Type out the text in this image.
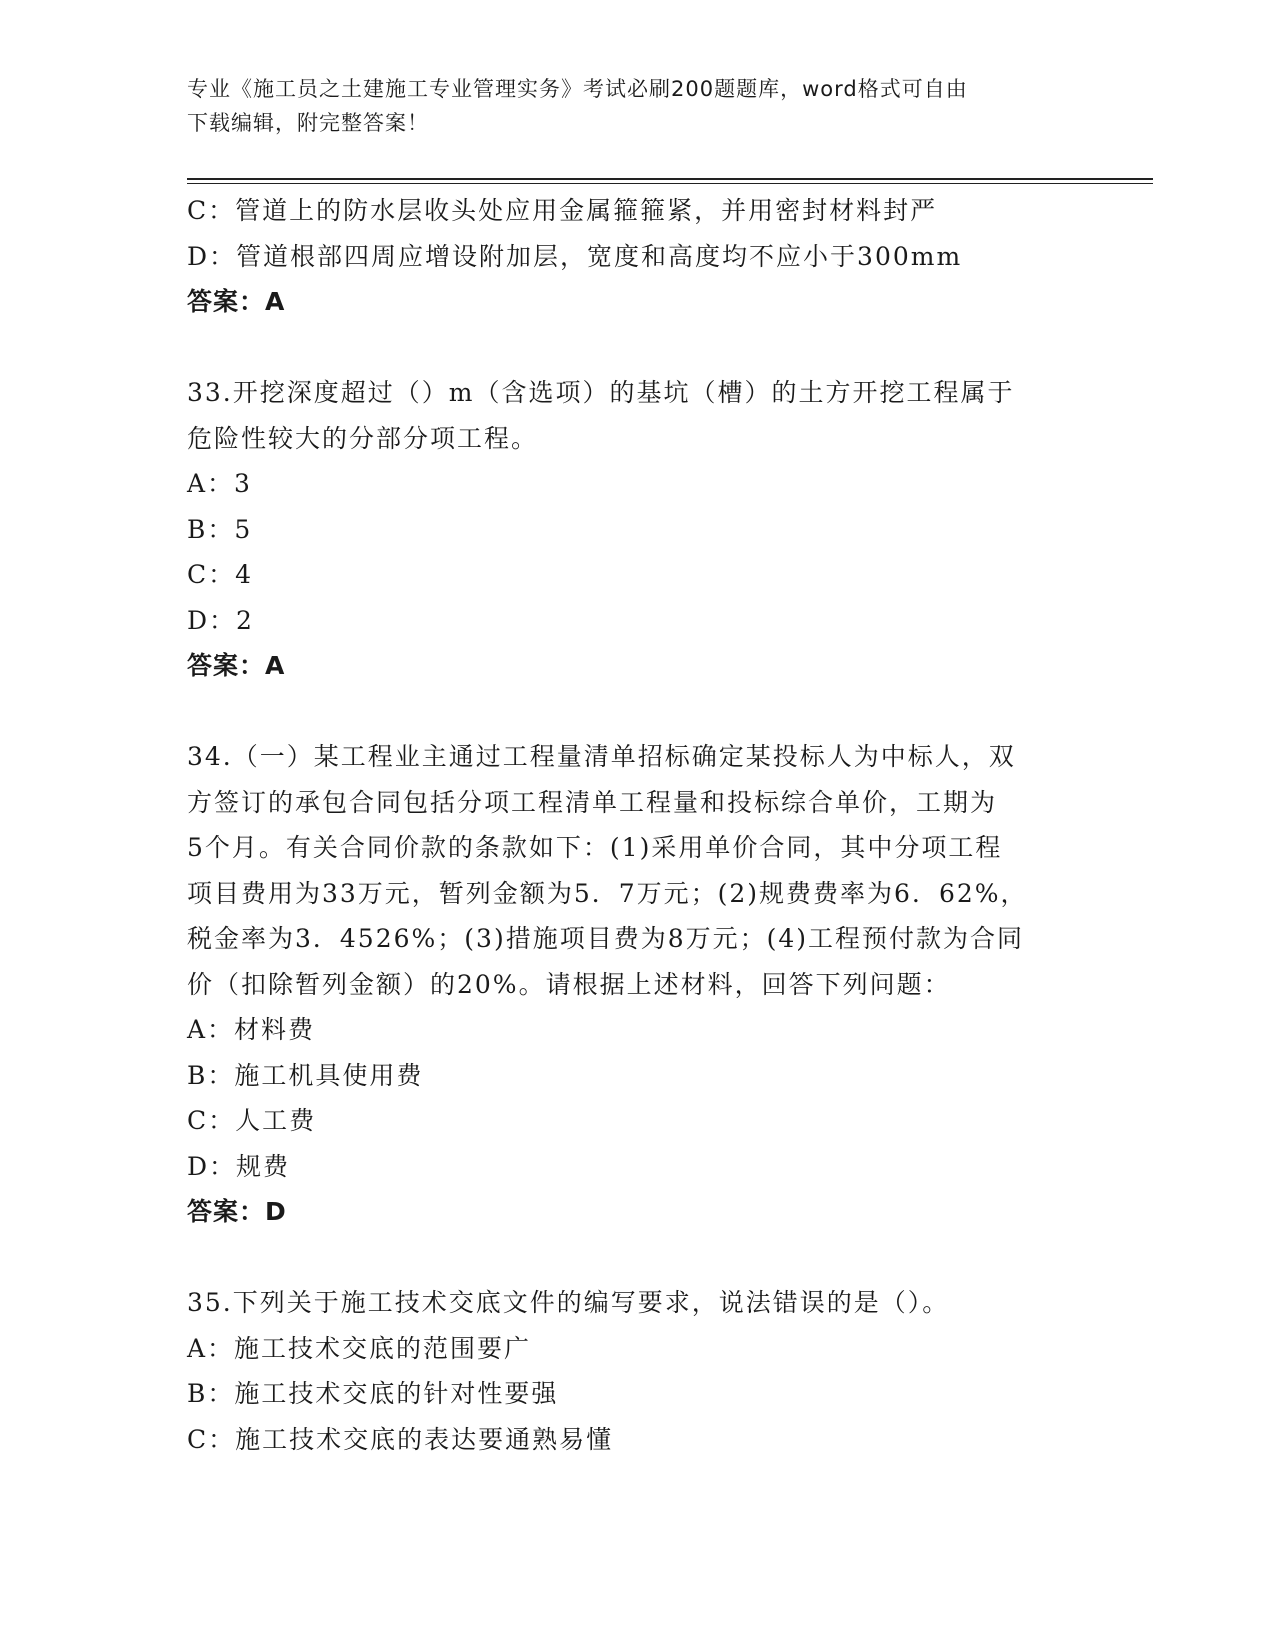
专业《施工员之土建施工专业管理实务》考试必刷200题题库，word格式可自由
下载编辑，附完整答案！
C：管道上的防水层收头处应用金属箍箍紧，并用密封材料封严
D：管道根部四周应增设附加层，宽度和高度均不应小于300mm
答案：A
33.开挖深度超过（）m（含选项）的基坑（槽）的土方开挖工程属于
危险性较大的分部分项工程。
A：3
B：5
C：4
D：2
答案：A
34.（一）某工程业主通过工程量清单招标确定某投标人为中标人，双
方签订的承包合同包括分项工程清单工程量和投标综合单价，工期为
5个月。有关合同价款的条款如下：(1)采用单价合同，其中分项工程
项目费用为33万元，暂列金额为5．7万元；(2)规费费率为6．62%，
税金率为3．4526%；(3)措施项目费为8万元；(4)工程预付款为合同
价（扣除暂列金额）的20%。请根据上述材料，回答下列问题：
A：材料费
B：施工机具使用费
C：人工费
D：规费
答案：D
35.下列关于施工技术交底文件的编写要求，说法错误的是（）。
A：施工技术交底的范围要广
B：施工技术交底的针对性要强
C：施工技术交底的表达要通熟易懂
